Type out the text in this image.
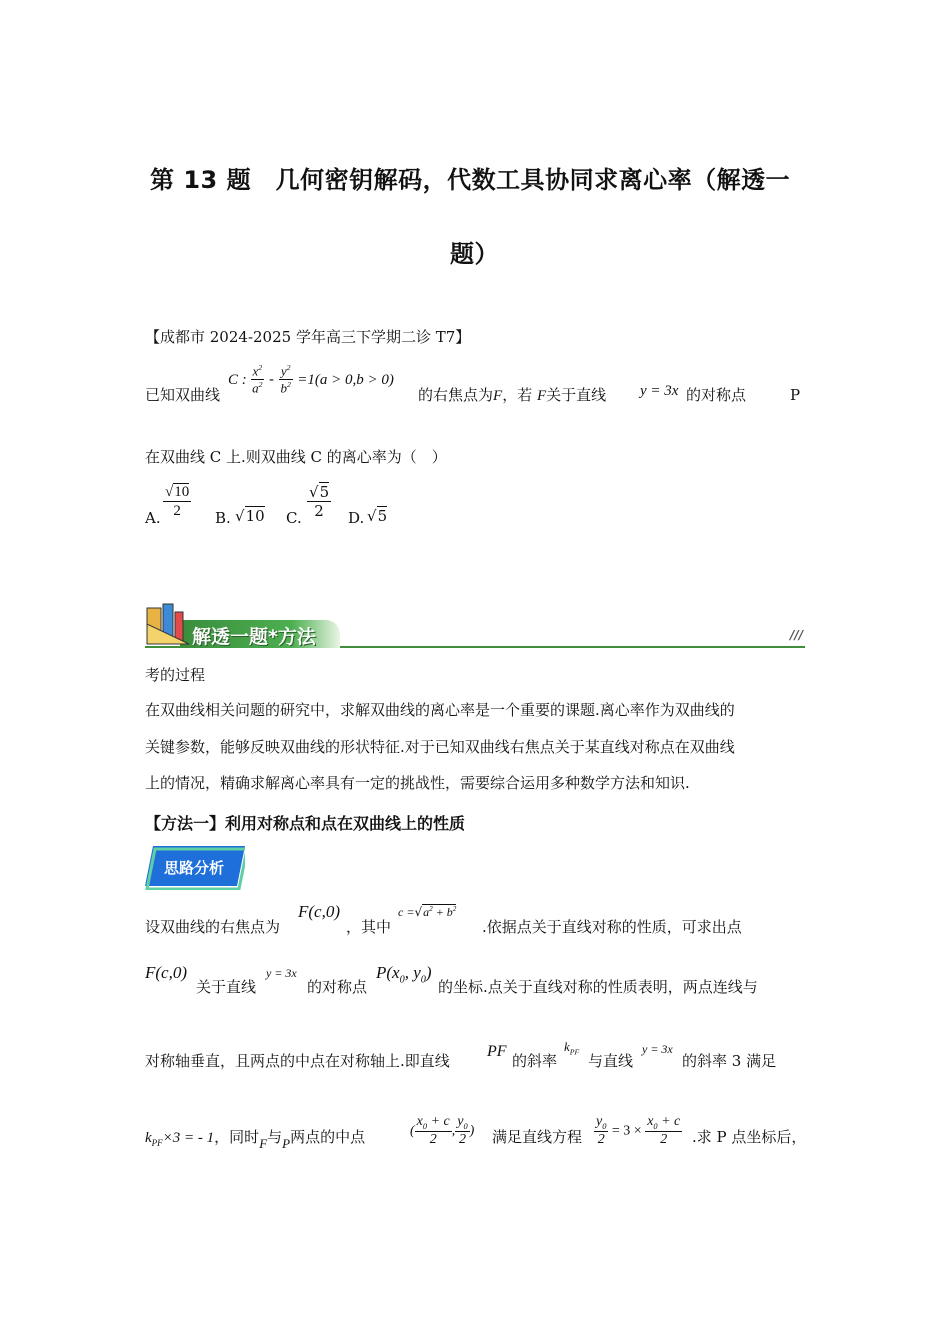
第 13 题　几何密钥解码，代数工具协同求离心率（解透一
题）
【成都市 2024-2025 学年高三下学期二诊 T7】
已知双曲线
C : $\frac{x^2}{a^2} - \frac{y^2}{b^2} =1(a > 0,b > 0)$
的右焦点为F，若 F关于直线 y = 3x 的对称点	P
在双曲线 C 上.则双曲线 C 的离心率为（　）
A. $\frac{√10}{2} B$. √10 C. $\frac{√5}{2} D$. √5
解透一题*方法	///
考的过程
在双曲线相关问题的研究中，求解双曲线的离心率是一个重要的课题.离心率作为双曲线的
关键参数，能够反映双曲线的形状特征.对于已知双曲线右焦点关于某直线对称点在双曲线
上的情况，精确求解离心率具有一定的挑战性，需要综合运用多种数学方法和知识.
【方法一】利用对称点和点在双曲线上的性质
思路分析
设双曲线的右焦点为
F(c,0)
，其中
$c =√a^2 + b^2$
.依据点关于直线对称的性质，可求出点
F(c,0)
关于直线
y = 3x
的对称点
$P(x_0$, $y_0$)
的坐标.点关于直线对称的性质表明，两点连线与
对称轴垂直，且两点的中点在对称轴上.即直线
PF
的斜率
$k_{PF}$ 与直线
y = 3x
的斜率 3 满足
$k_{PF}\times 3$ = - 1，同时F与P两点的中点	( $\frac{x_0 + c}{2}$ , $\frac{y_0}{2}$ ) 满足直线方程 $\frac{y_0}{2} = 3 \times \frac{x_0 + c}{2}$ .求 P 点坐标后，
